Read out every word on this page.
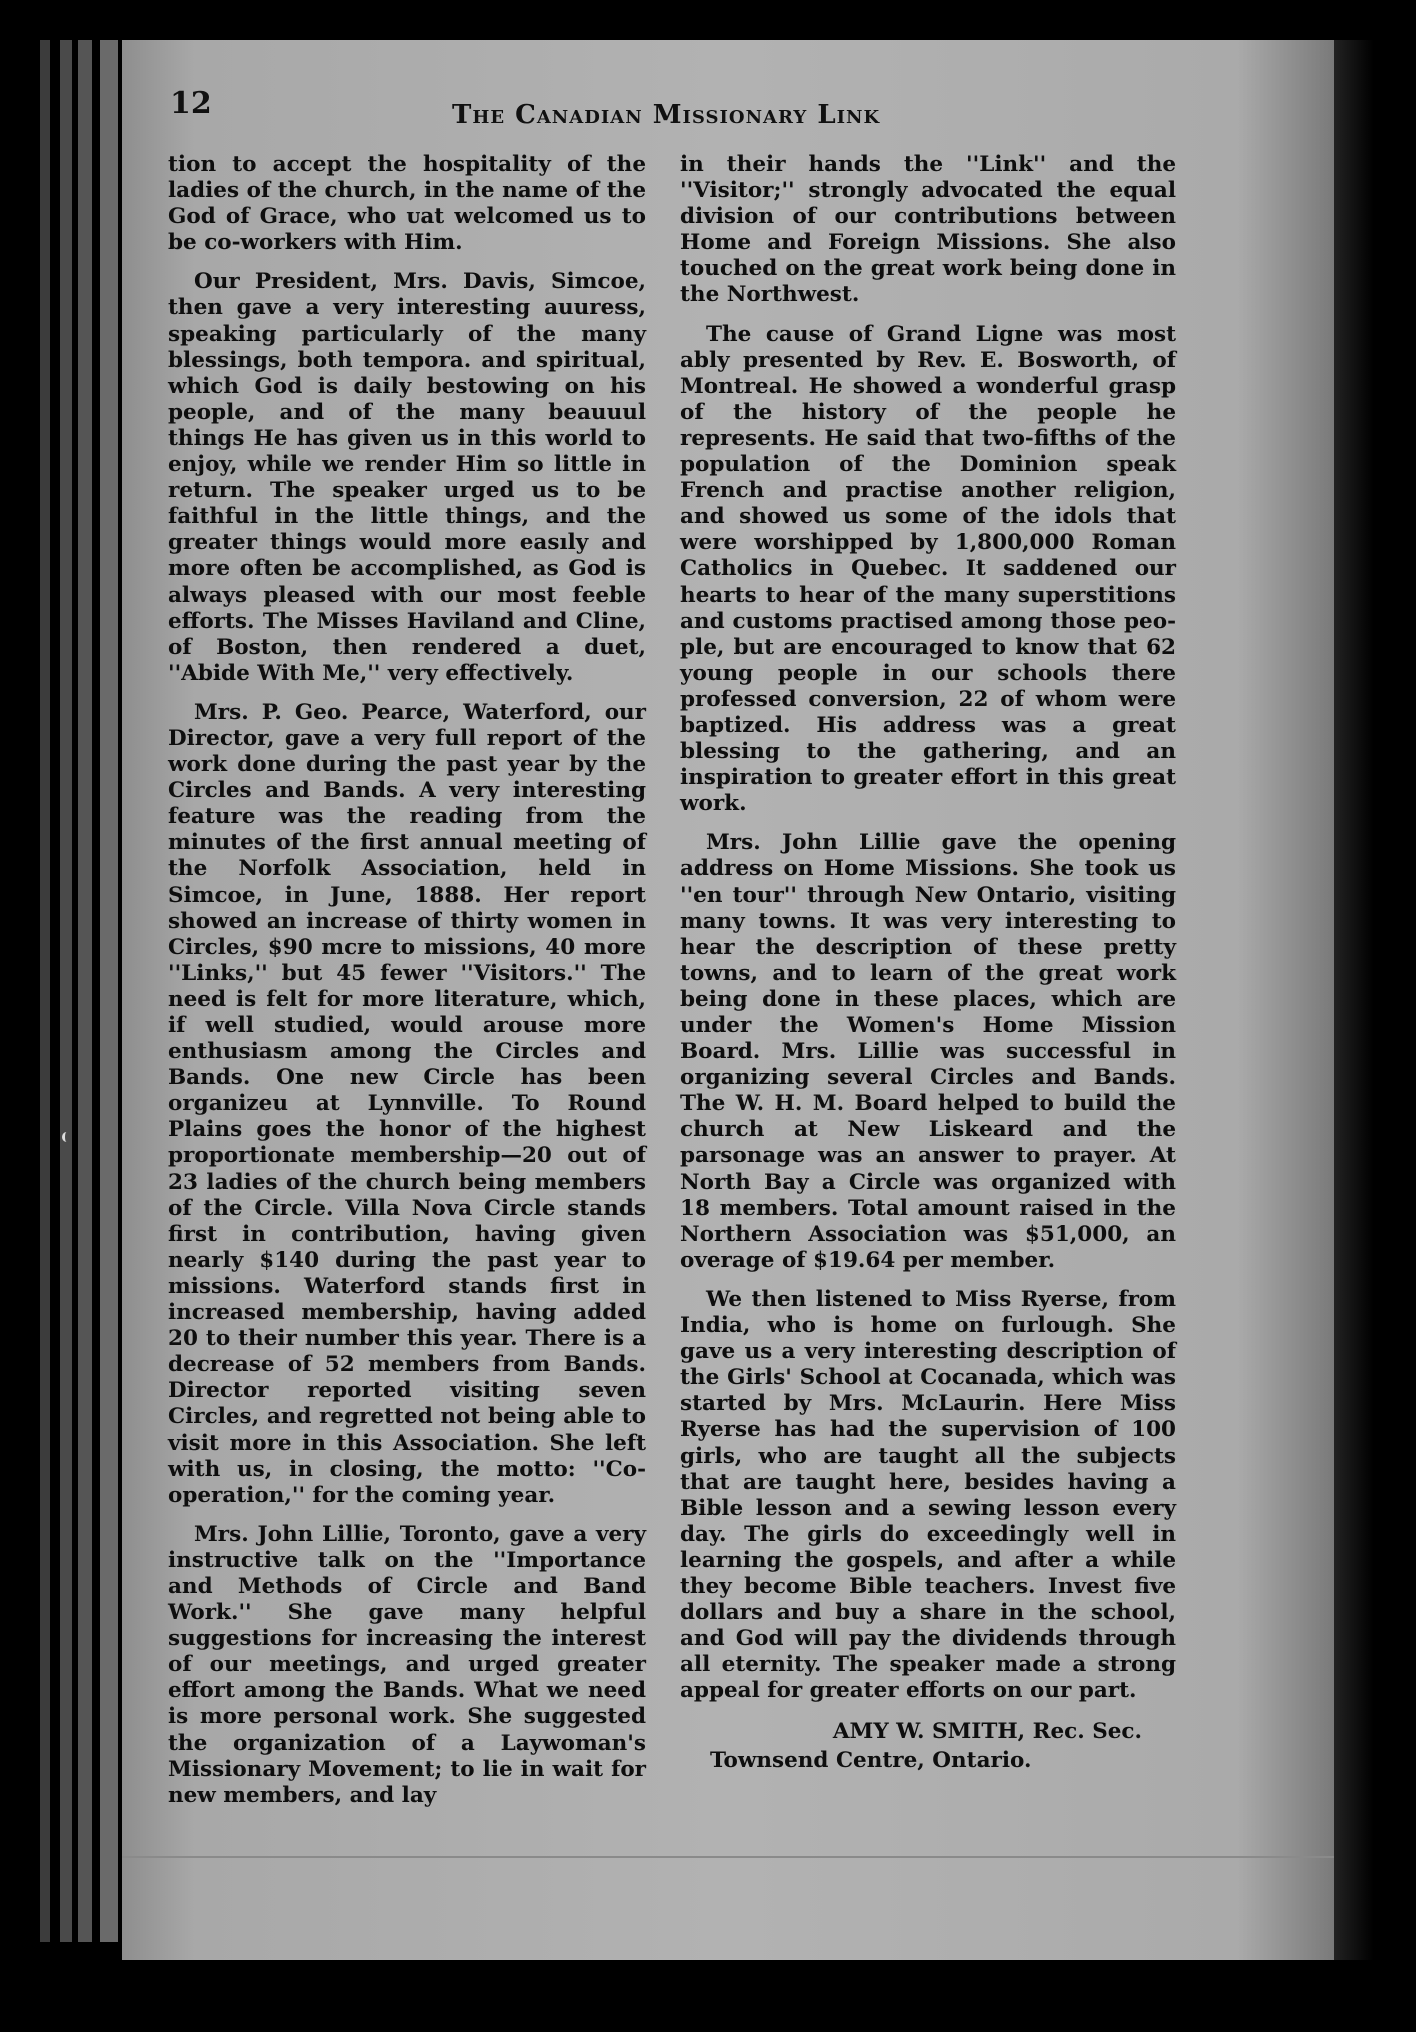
12	The Canadian Missionary Link

tion to accept the hospitality of the ladies of the church, in the name of the God of Grace, who ᴜat welcomed us to be co-workers with Him.

Our President, Mrs. Davis, Simcoe, then gave a very interesting auuress, speaking particularly of the many blessings, both tempora. and spiritual, which God is daily bestowing on his people, and of the many beauuul things He has given us in this world to enjoy, while we render Him so little in return. The speaker urged us to be faithful in the little things, and the greater things would more easıly and more often be accomplished, as God is always pleased with our most feeble efforts. The Misses Haviland and Cline, of Boston, then rendered a duet, ''Abide With Me,'' very effectively.

Mrs. P. Geo. Pearce, Waterford, our Director, gave a very full report of the work done during the past year by the Circles and Bands. A very interesting feature was the reading from the minutes of the first annual meeting of the Norfolk Association, held in Simcoe, in June, 1888. Her report showed an increase of thirty women in Circles, $90 mcre to missions, 40 more ''Links,'' but 45 fewer ''Visitors.'' The need is felt for more literature, which, if well studied, would arouse more enthusiasm among the Circles and Bands. One new Circle has been organizeu at Lynnville. To Round Plains goes the honor of the highest proportionate membership—20 out of 23 ladies of the church being members of the Circle. Villa Nova Circle stands first in contribution, having given nearly $140 during the past year to missions. Waterford stands first in increased membership, having added 20 to their number this year. There is a decrease of 52 members from Bands. Director reported visiting seven Circles, and regretted not being able to visit more in this Association. She left with us, in closing, the motto: ''Co-operation,'' for the coming year.

Mrs. John Lillie, Toronto, gave a very instructive talk on the ''Importance and Methods of Circle and Band Work.'' She gave many helpful suggestions for increasing the interest of our meetings, and urged greater effort among the Bands. What we need is more personal work. She suggested the organization of a Laywoman's Missionary Movement; to lie in wait for new members, and lay

in their hands the ''Link'' and the ''Visitor;'' strongly advocated the equal division of our contributions between Home and Foreign Missions. She also touched on the great work being done in the Northwest.

The cause of Grand Ligne was most ably presented by Rev. E. Bosworth, of Montreal. He showed a wonderful grasp of the history of the people he represents. He said that two-fifths of the population of the Dominion speak French and practise another religion, and showed us some of the idols that were worshipped by 1,800,000 Roman Catholics in Quebec. It saddened our hearts to hear of the many superstitions and customs practised among those peo- ple, but are encouraged to know that 62 young people in our schools there professed conversion, 22 of whom were baptized. His address was a great blessing to the gathering, and an inspiration to greater effort in this great work.

Mrs. John Lillie gave the opening address on Home Missions. She took us ''en tour'' through New Ontario, visiting many towns. It was very interesting to hear the description of these pretty towns, and to learn of the great work being done in these places, which are under the Women's Home Mission Board. Mrs. Lillie was successful in organizing several Circles and Bands. The W. H. M. Board helped to build the church at New Liskeard and the parsonage was an answer to prayer. At North Bay a Circle was organized with 18 members. Total amount raised in the Northern Association was $51,000, an overage of $19.64 per member.

We then listened to Miss Ryerse, from India, who is home on furlough. She gave us a very interesting description of the Girls' School at Cocanada, which was started by Mrs. McLaurin. Here Miss Ryerse has had the supervision of 100 girls, who are taught all the subjects that are taught here, besides having a Bible lesson and a sewing lesson every day. The girls do exceedingly well in learning the gospels, and after a while they become Bible teachers. Invest five dollars and buy a share in the school, and God will pay the dividends through all eternity. The speaker made a strong appeal for greater efforts on our part.

AMY W. SMITH, Rec. Sec.
Townsend Centre, Ontario.
